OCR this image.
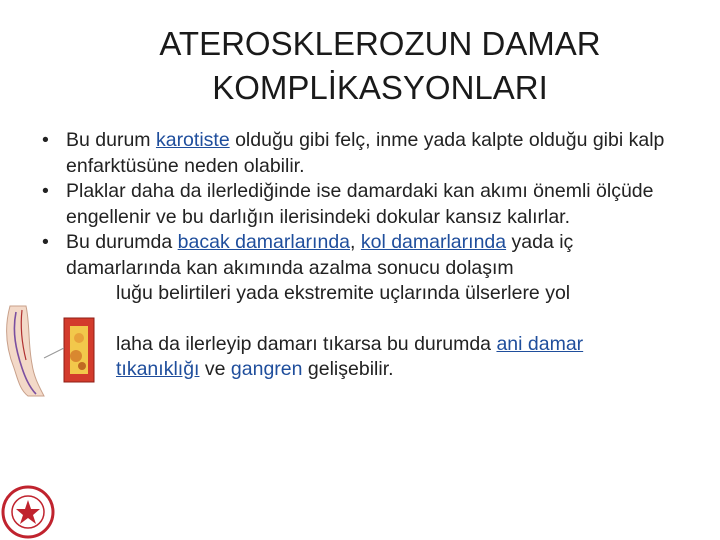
ATEROSKLEROZUN DAMAR
KOMPLİKASYONLARI
• Bu durum karotiste olduğu gibi felç, inme yada kalpte olduğu gibi kalp enfarktüsüne neden olabilir.
• Plaklar daha da ilerlediğinde ise damardaki kan akımı önemli ölçüde engellenir ve bu darlığın ilerisindeki dokular kansız kalırlar.
• Bu durumda bacak damarlarında, kol damarlarında yada iç damarlarında kan akımında azalma sonucu dolaşım
luğu belirtileri yada ekstremite uçlarında ülserlere yol
laha da ilerleyip damarı tıkarsa bu durumda ani damar tıkanıklığı ve gangren gelişebilir.
